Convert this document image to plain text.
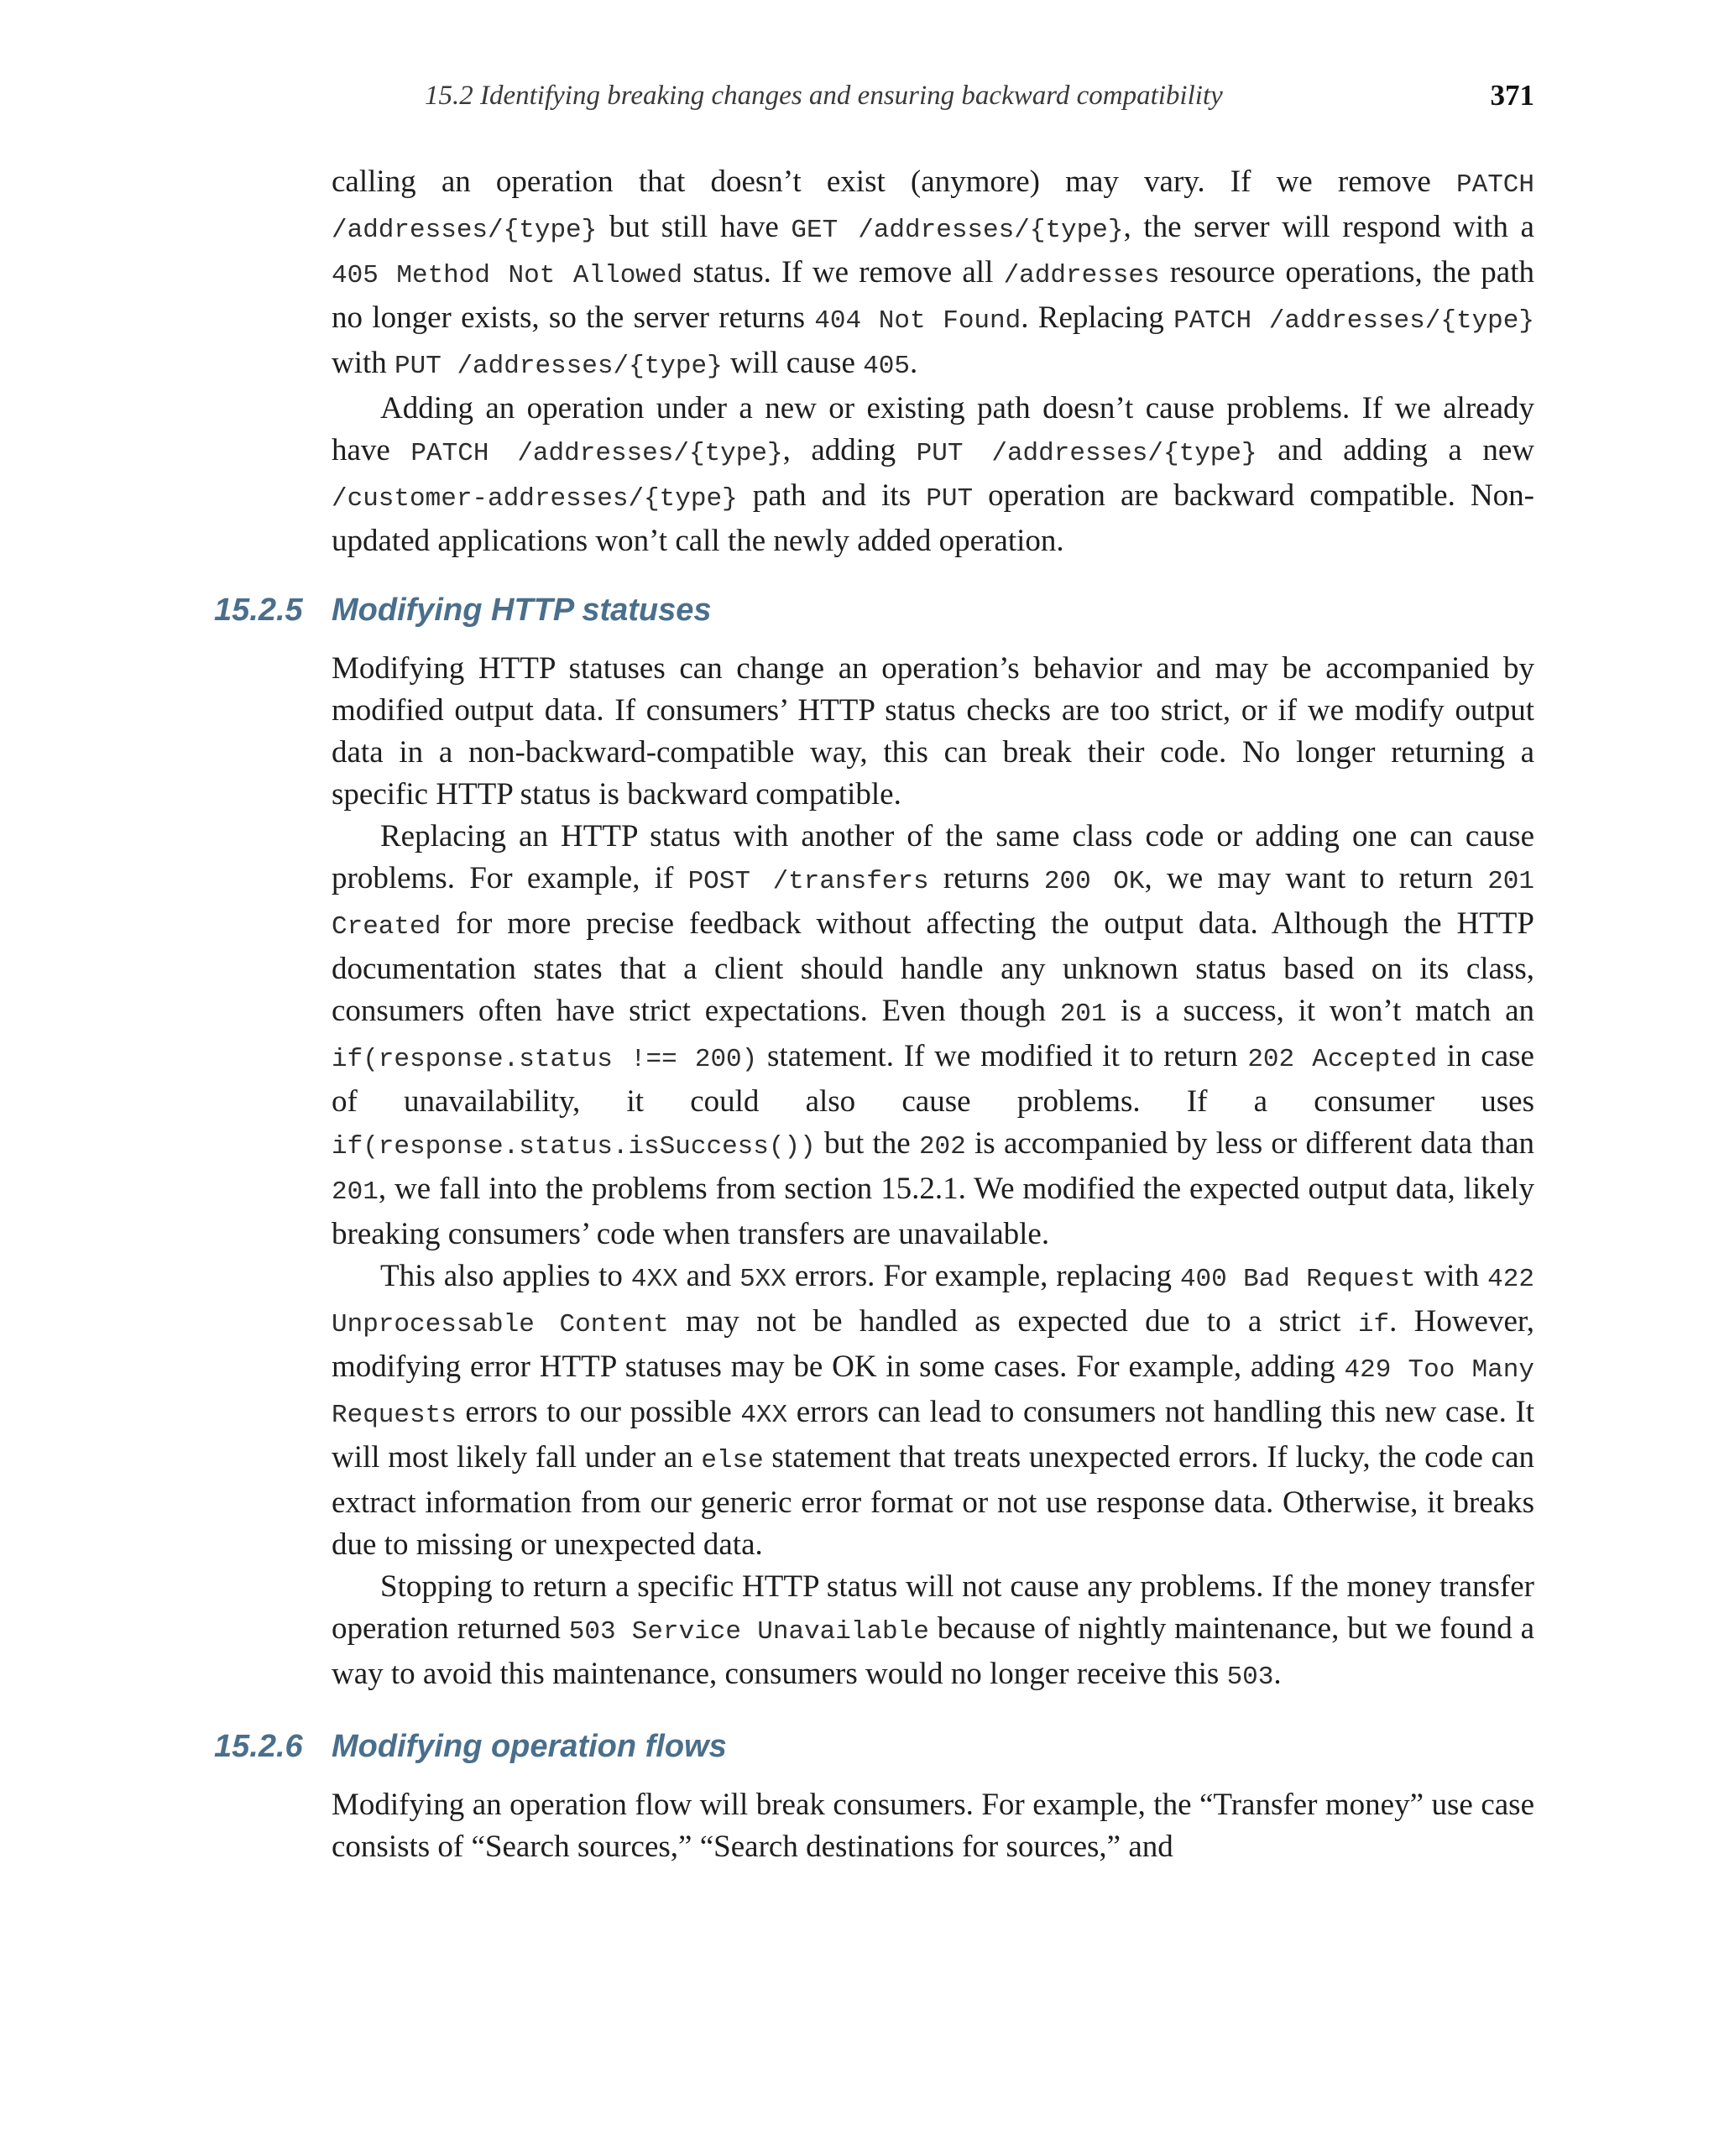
15.2 Identifying breaking changes and ensuring backward compatibility	371

calling an operation that doesn’t exist (anymore) may vary. If we remove PATCH /addresses/{type} but still have GET /addresses/{type}, the server will respond with a 405 Method Not Allowed status. If we remove all /addresses resource operations, the path no longer exists, so the server returns 404 Not Found. Replacing PATCH /addresses/{type} with PUT /addresses/{type} will cause 405.

Adding an operation under a new or existing path doesn’t cause problems. If we already have PATCH /addresses/{type}, adding PUT /addresses/{type} and adding a new /customer-addresses/{type} path and its PUT operation are backward compatible. Non-updated applications won’t call the newly added operation.

15.2.5 Modifying HTTP statuses

Modifying HTTP statuses can change an operation’s behavior and may be accompanied by modified output data. If consumers’ HTTP status checks are too strict, or if we modify output data in a non-backward-compatible way, this can break their code. No longer returning a specific HTTP status is backward compatible.

Replacing an HTTP status with another of the same class code or adding one can cause problems. For example, if POST /transfers returns 200 OK, we may want to return 201 Created for more precise feedback without affecting the output data. Although the HTTP documentation states that a client should handle any unknown status based on its class, consumers often have strict expectations. Even though 201 is a success, it won’t match an if(response.status !== 200) statement. If we modified it to return 202 Accepted in case of unavailability, it could also cause problems. If a consumer uses if(response.status.isSuccess()) but the 202 is accompanied by less or different data than 201, we fall into the problems from section 15.2.1. We modified the expected output data, likely breaking consumers’ code when transfers are unavailable.

This also applies to 4XX and 5XX errors. For example, replacing 400 Bad Request with 422 Unprocessable Content may not be handled as expected due to a strict if. However, modifying error HTTP statuses may be OK in some cases. For example, adding 429 Too Many Requests errors to our possible 4XX errors can lead to consumers not handling this new case. It will most likely fall under an else statement that treats unexpected errors. If lucky, the code can extract information from our generic error format or not use response data. Otherwise, it breaks due to missing or unexpected data.

Stopping to return a specific HTTP status will not cause any problems. If the money transfer operation returned 503 Service Unavailable because of nightly maintenance, but we found a way to avoid this maintenance, consumers would no longer receive this 503.

15.2.6 Modifying operation flows

Modifying an operation flow will break consumers. For example, the “Transfer money” use case consists of “Search sources,” “Search destinations for sources,” and
